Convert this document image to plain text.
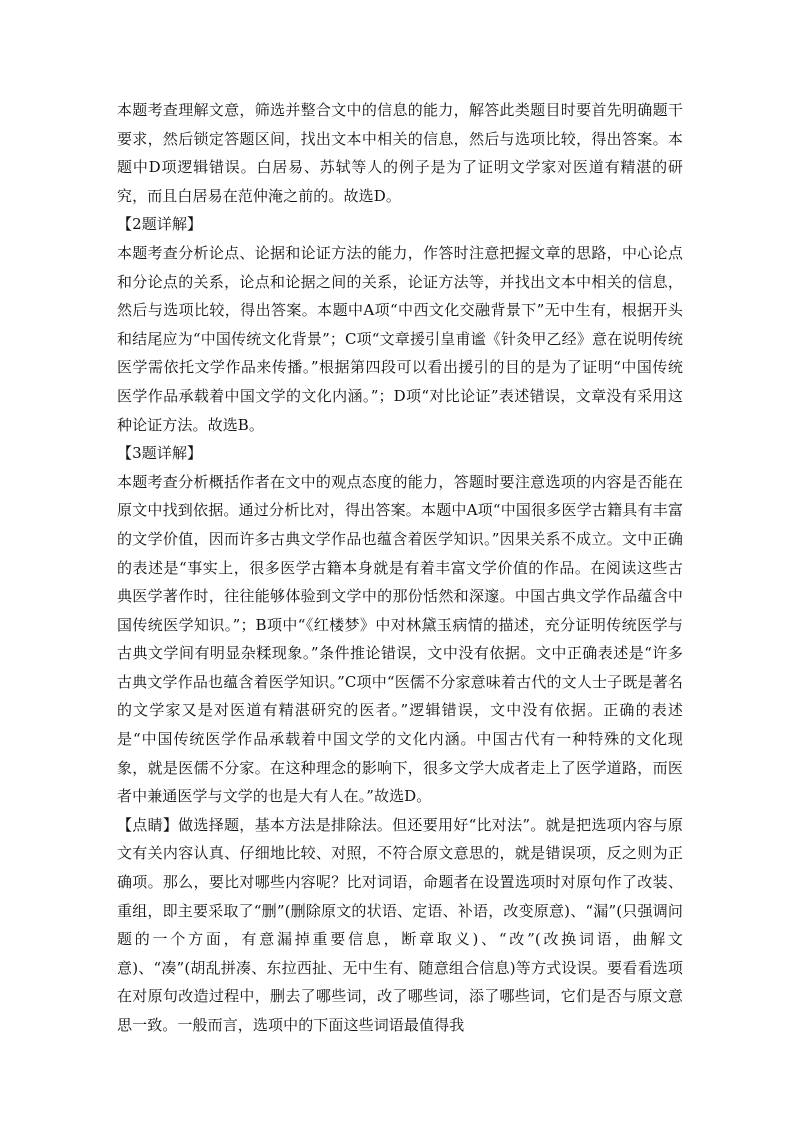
本题考查理解文意，筛选并整合文中的信息的能力，解答此类题目时要首先明确题干要求，然后锁定答题区间，找出文本中相关的信息，然后与选项比较，得出答案。本题中D项逻辑错误。白居易、苏轼等人的例子是为了证明文学家对医道有精湛的研究，而且白居易在范仲淹之前的。故选D。

【2题详解】

本题考查分析论点、论据和论证方法的能力，作答时注意把握文章的思路，中心论点和分论点的关系，论点和论据之间的关系，论证方法等，并找出文本中相关的信息，然后与选项比较，得出答案。本题中A项“中西文化交融背景下”无中生有，根据开头和结尾应为“中国传统文化背景”；C项“文章援引皇甫谧《针灸甲乙经》意在说明传统医学需依托文学作品来传播。”根据第四段可以看出援引的目的是为了证明“中国传统医学作品承载着中国文学的文化内涵。”；D项“对比论证”表述错误，文章没有采用这种论证方法。故选B。

【3题详解】

本题考查分析概括作者在文中的观点态度的能力，答题时要注意选项的内容是否能在原文中找到依据。通过分析比对，得出答案。本题中A项“中国很多医学古籍具有丰富的文学价值，因而许多古典文学作品也蕴含着医学知识。”因果关系不成立。文中正确的表述是“事实上，很多医学古籍本身就是有着丰富文学价值的作品。在阅读这些古典医学著作时，往往能够体验到文学中的那份恬然和深邃。中国古典文学作品蕴含中国传统医学知识。”；B项中“《红楼梦》中对林黛玉病情的描述，充分证明传统医学与古典文学间有明显杂糅现象。”条件推论错误，文中没有依据。文中正确表述是“许多古典文学作品也蕴含着医学知识。”C项中“医儒不分家意味着古代的文人士子既是著名的文学家又是对医道有精湛研究的医者。”逻辑错误，文中没有依据。正确的表述是“中国传统医学作品承载着中国文学的文化内涵。中国古代有一种特殊的文化现象，就是医儒不分家。在这种理念的影响下，很多文学大成者走上了医学道路，而医者中兼通医学与文学的也是大有人在。”故选D。

【点睛】做选择题，基本方法是排除法。但还要用好“比对法”。就是把选项内容与原文有关内容认真、仔细地比较、对照，不符合原文意思的，就是错误项，反之则为正确项。那么，要比对哪些内容呢？比对词语，命题者在设置选项时对原句作了改装、重组，即主要采取了“删”(删除原文的状语、定语、补语，改变原意)、“漏”(只强调问题的一个方面，有意漏掉重要信息，断章取义)、“改”(改换词语，曲解文意)、“凑”(胡乱拼凑、东拉西扯、无中生有、随意组合信息)等方式设误。要看看选项在对原句改造过程中，删去了哪些词，改了哪些词，添了哪些词，它们是否与原文意思一致。一般而言，选项中的下面这些词语最值得我
